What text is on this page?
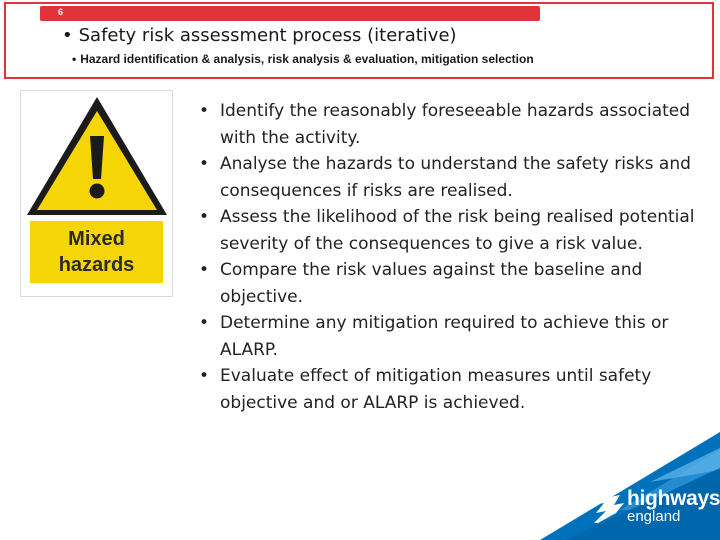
6
• Safety risk assessment process (iterative)
• Hazard identification & analysis, risk analysis & evaluation, mitigation selection
Mixed
hazards
• Identify the reasonably foreseeable hazards associated with the activity.
• Analyse the hazards to understand the safety risks and consequences if risks are realised.
• Assess the likelihood of the risk being realised potential severity of the consequences to give a risk value.
• Compare the risk values against the baseline and objective.
• Determine any mitigation required to achieve this or ALARP.
• Evaluate effect of mitigation measures until safety objective and or ALARP is achieved.
highways
england
